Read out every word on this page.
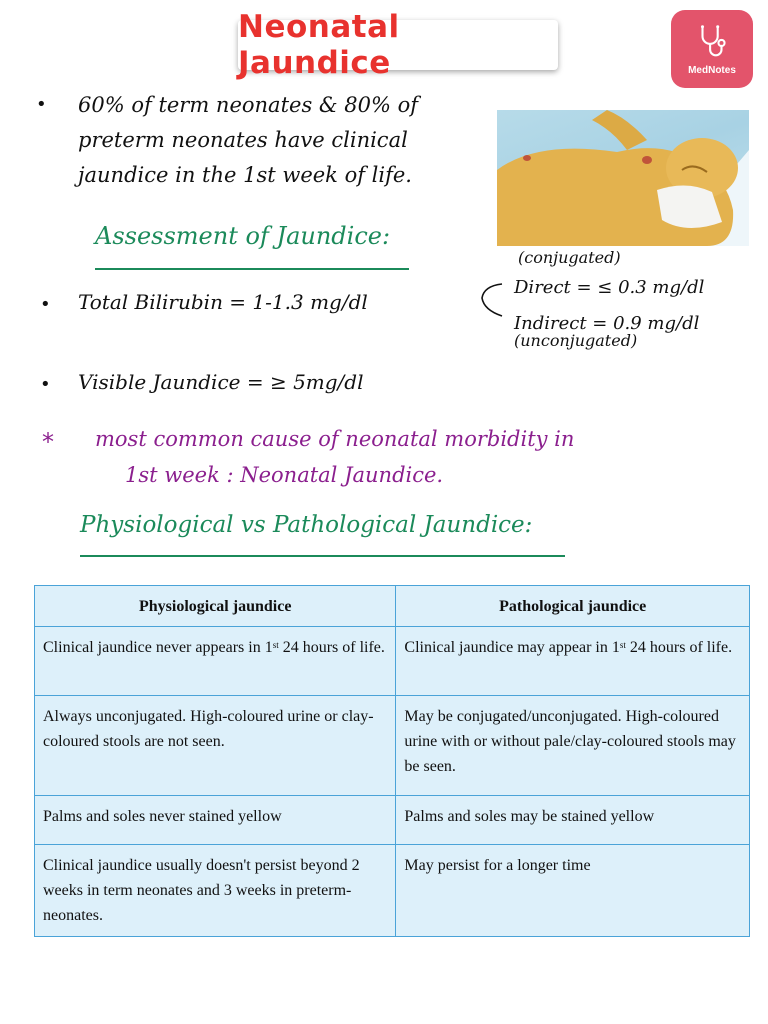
Neonatal Jaundice	MedNotes
• 60% of term neonates & 80% of
preterm neonates have clinical
jaundice in the 1st week of life.
Assessment of Jaundice:
• Total Bilirubin = 1-1.3 mg/dl
(conjugated)
Direct = ≤ 0.3 mg/dl
Indirect = 0.9 mg/dl
(unconjugated)
• Visible Jaundice = ≥ 5mg/dl
* most common cause of neonatal morbidity in
1st week : Neonatal Jaundice.
Physiological vs Pathological Jaundice:
Physiological jaundice	Pathological jaundice
Clinical jaundice never appears in 1st 24 hours of life.	Clinical jaundice may appear in 1st 24 hours of life.
Always unconjugated. High-coloured urine or clay-coloured stools are not seen.	May be conjugated/unconjugated. High-coloured urine with or without pale/clay-coloured stools may be seen.
Palms and soles never stained yellow	Palms and soles may be stained yellow
Clinical jaundice usually doesn't persist beyond 2 weeks in term neonates and 3 weeks in preterm-neonates.	May persist for a longer time
